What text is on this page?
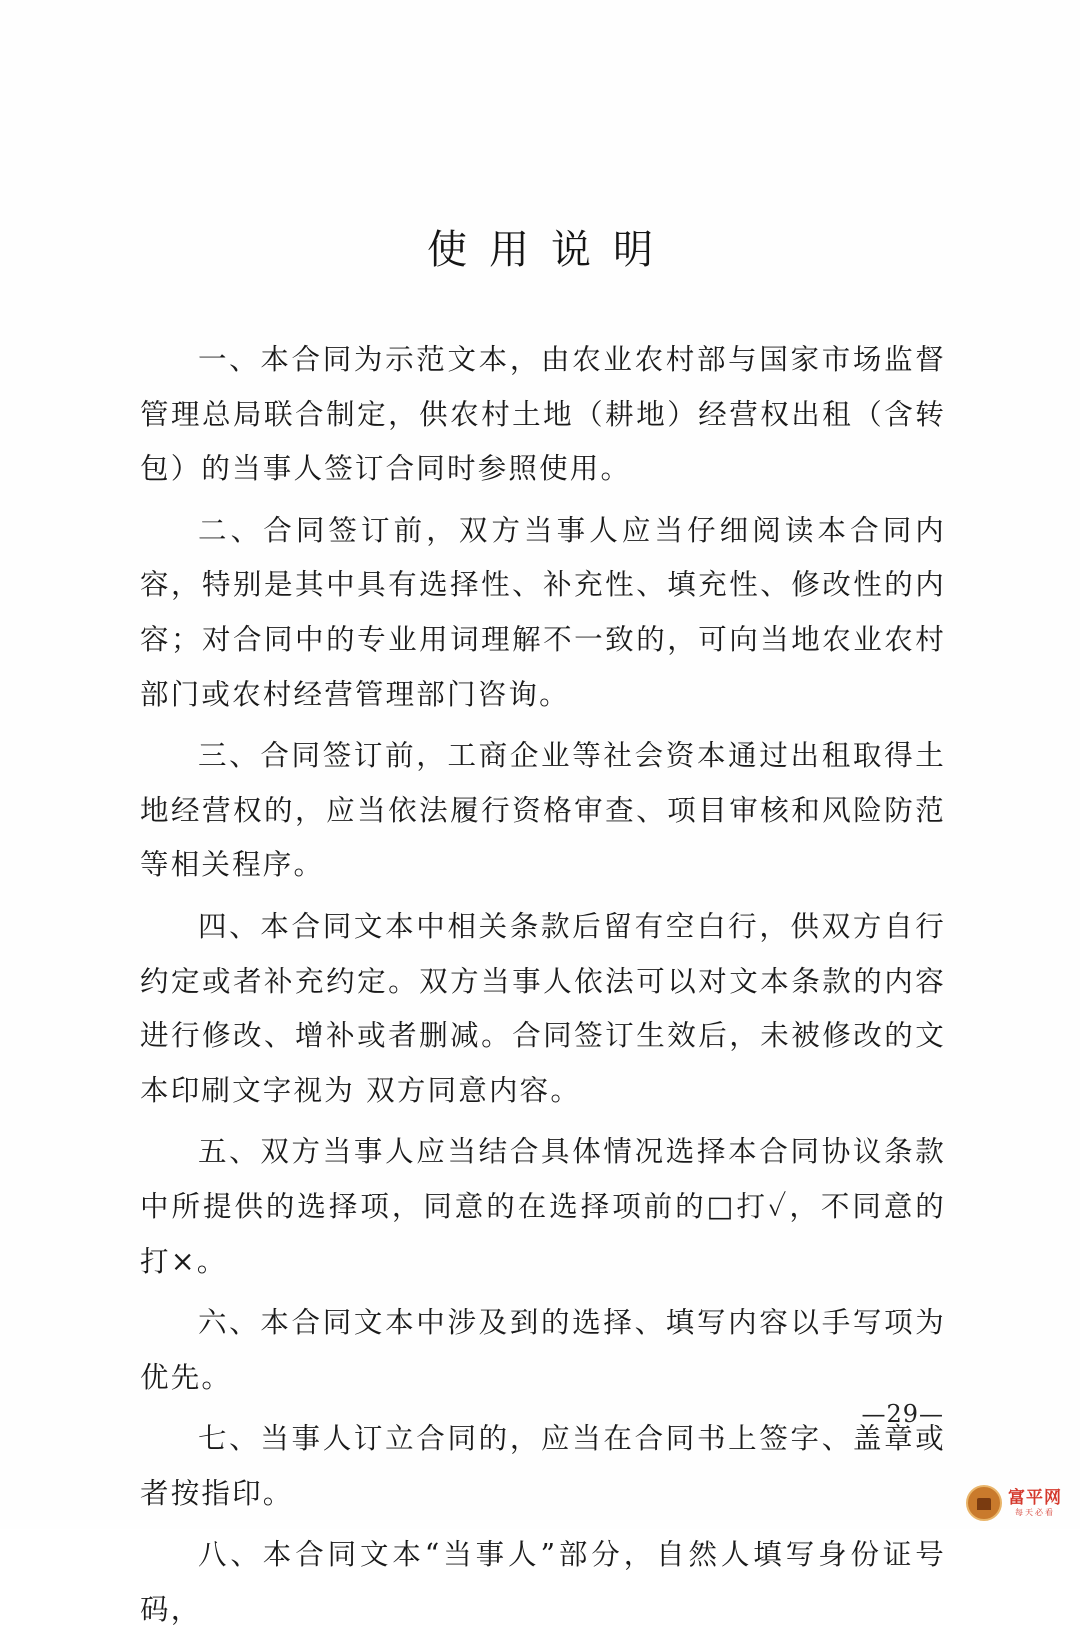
使用说明

一、本合同为示范文本，由农业农村部与国家市场监督管理总局联合制定，供农村土地（耕地）经营权出租（含转包）的当事人签订合同时参照使用。

二、合同签订前，双方当事人应当仔细阅读本合同内容，特别是其中具有选择性、补充性、填充性、修改性的内容；对合同中的专业用词理解不一致的，可向当地农业农村部门或农村经营管理部门咨询。

三、合同签订前，工商企业等社会资本通过出租取得土地经营权的，应当依法履行资格审查、项目审核和风险防范等相关程序。

四、本合同文本中相关条款后留有空白行，供双方自行约定或者补充约定。双方当事人依法可以对文本条款的内容进行修改、增补或者删减。合同签订生效后，未被修改的文本印刷文字视为 双方同意内容。

五、双方当事人应当结合具体情况选择本合同协议条款中所提供的选择项，同意的在选择项前的□打✓，不同意的打×。

六、本合同文本中涉及到的选择、填写内容以手写项为优先。

七、当事人订立合同的，应当在合同书上签字、盖章或者按指印。

八、本合同文本“当事人”部分，自然人填写身份证号码，

—29—
富平网
每天必看
